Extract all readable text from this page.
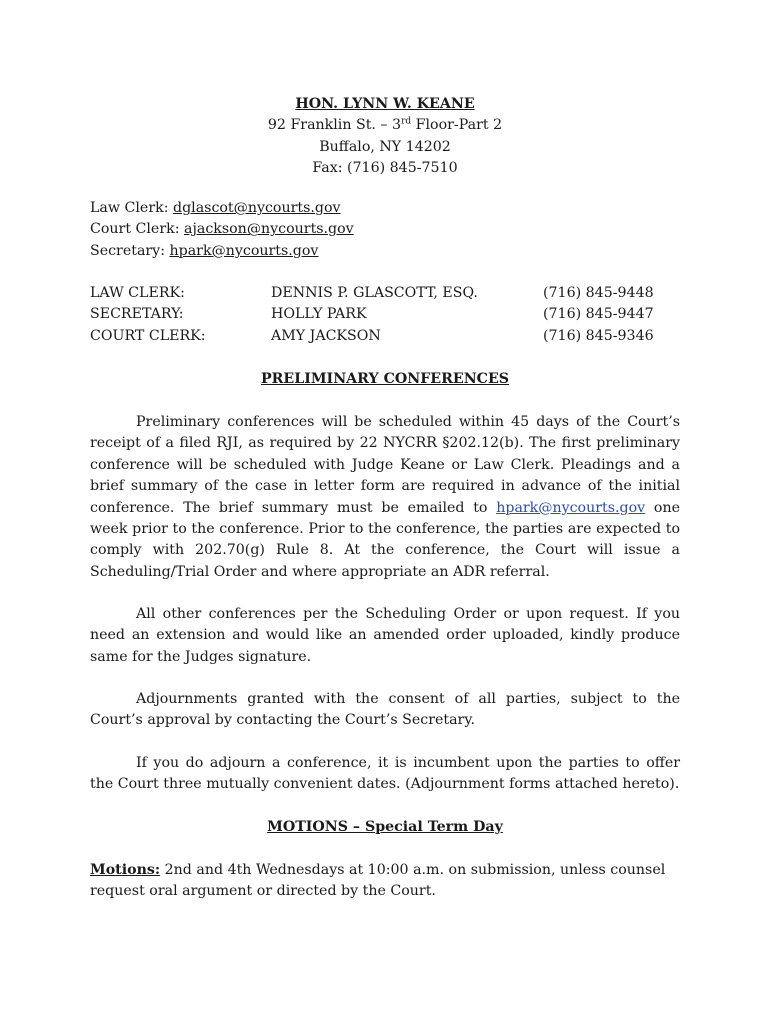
HON. LYNN W. KEANE
92 Franklin St. – 3rd Floor-Part 2
Buffalo, NY 14202
Fax: (716) 845-7510
Law Clerk: dglascot@nycourts.gov
Court Clerk: ajackson@nycourts.gov
Secretary: hpark@nycourts.gov
LAW CLERK:	DENNIS P. GLASCOTT, ESQ.	(716) 845-9448
SECRETARY:	HOLLY PARK	(716) 845-9447
COURT CLERK:	AMY JACKSON	(716) 845-9346
PRELIMINARY CONFERENCES

Preliminary conferences will be scheduled within 45 days of the Court’s receipt of a filed RJI, as required by 22 NYCRR §202.12(b). The first preliminary conference will be scheduled with Judge Keane or Law Clerk. Pleadings and a brief summary of the case in letter form are required in advance of the initial conference. The brief summary must be emailed to hpark@nycourts.gov one week prior to the conference. Prior to the conference, the parties are expected to comply with 202.70(g) Rule 8. At the conference, the Court will issue a Scheduling/Trial Order and where appropriate an ADR referral.

All other conferences per the Scheduling Order or upon request. If you need an extension and would like an amended order uploaded, kindly produce same for the Judges signature.

Adjournments granted with the consent of all parties, subject to the Court’s approval by contacting the Court’s Secretary.

If you do adjourn a conference, it is incumbent upon the parties to offer the Court three mutually convenient dates. (Adjournment forms attached hereto).

MOTIONS – Special Term Day

Motions: 2nd and 4th Wednesdays at 10:00 a.m. on submission, unless counsel request oral argument or directed by the Court.
